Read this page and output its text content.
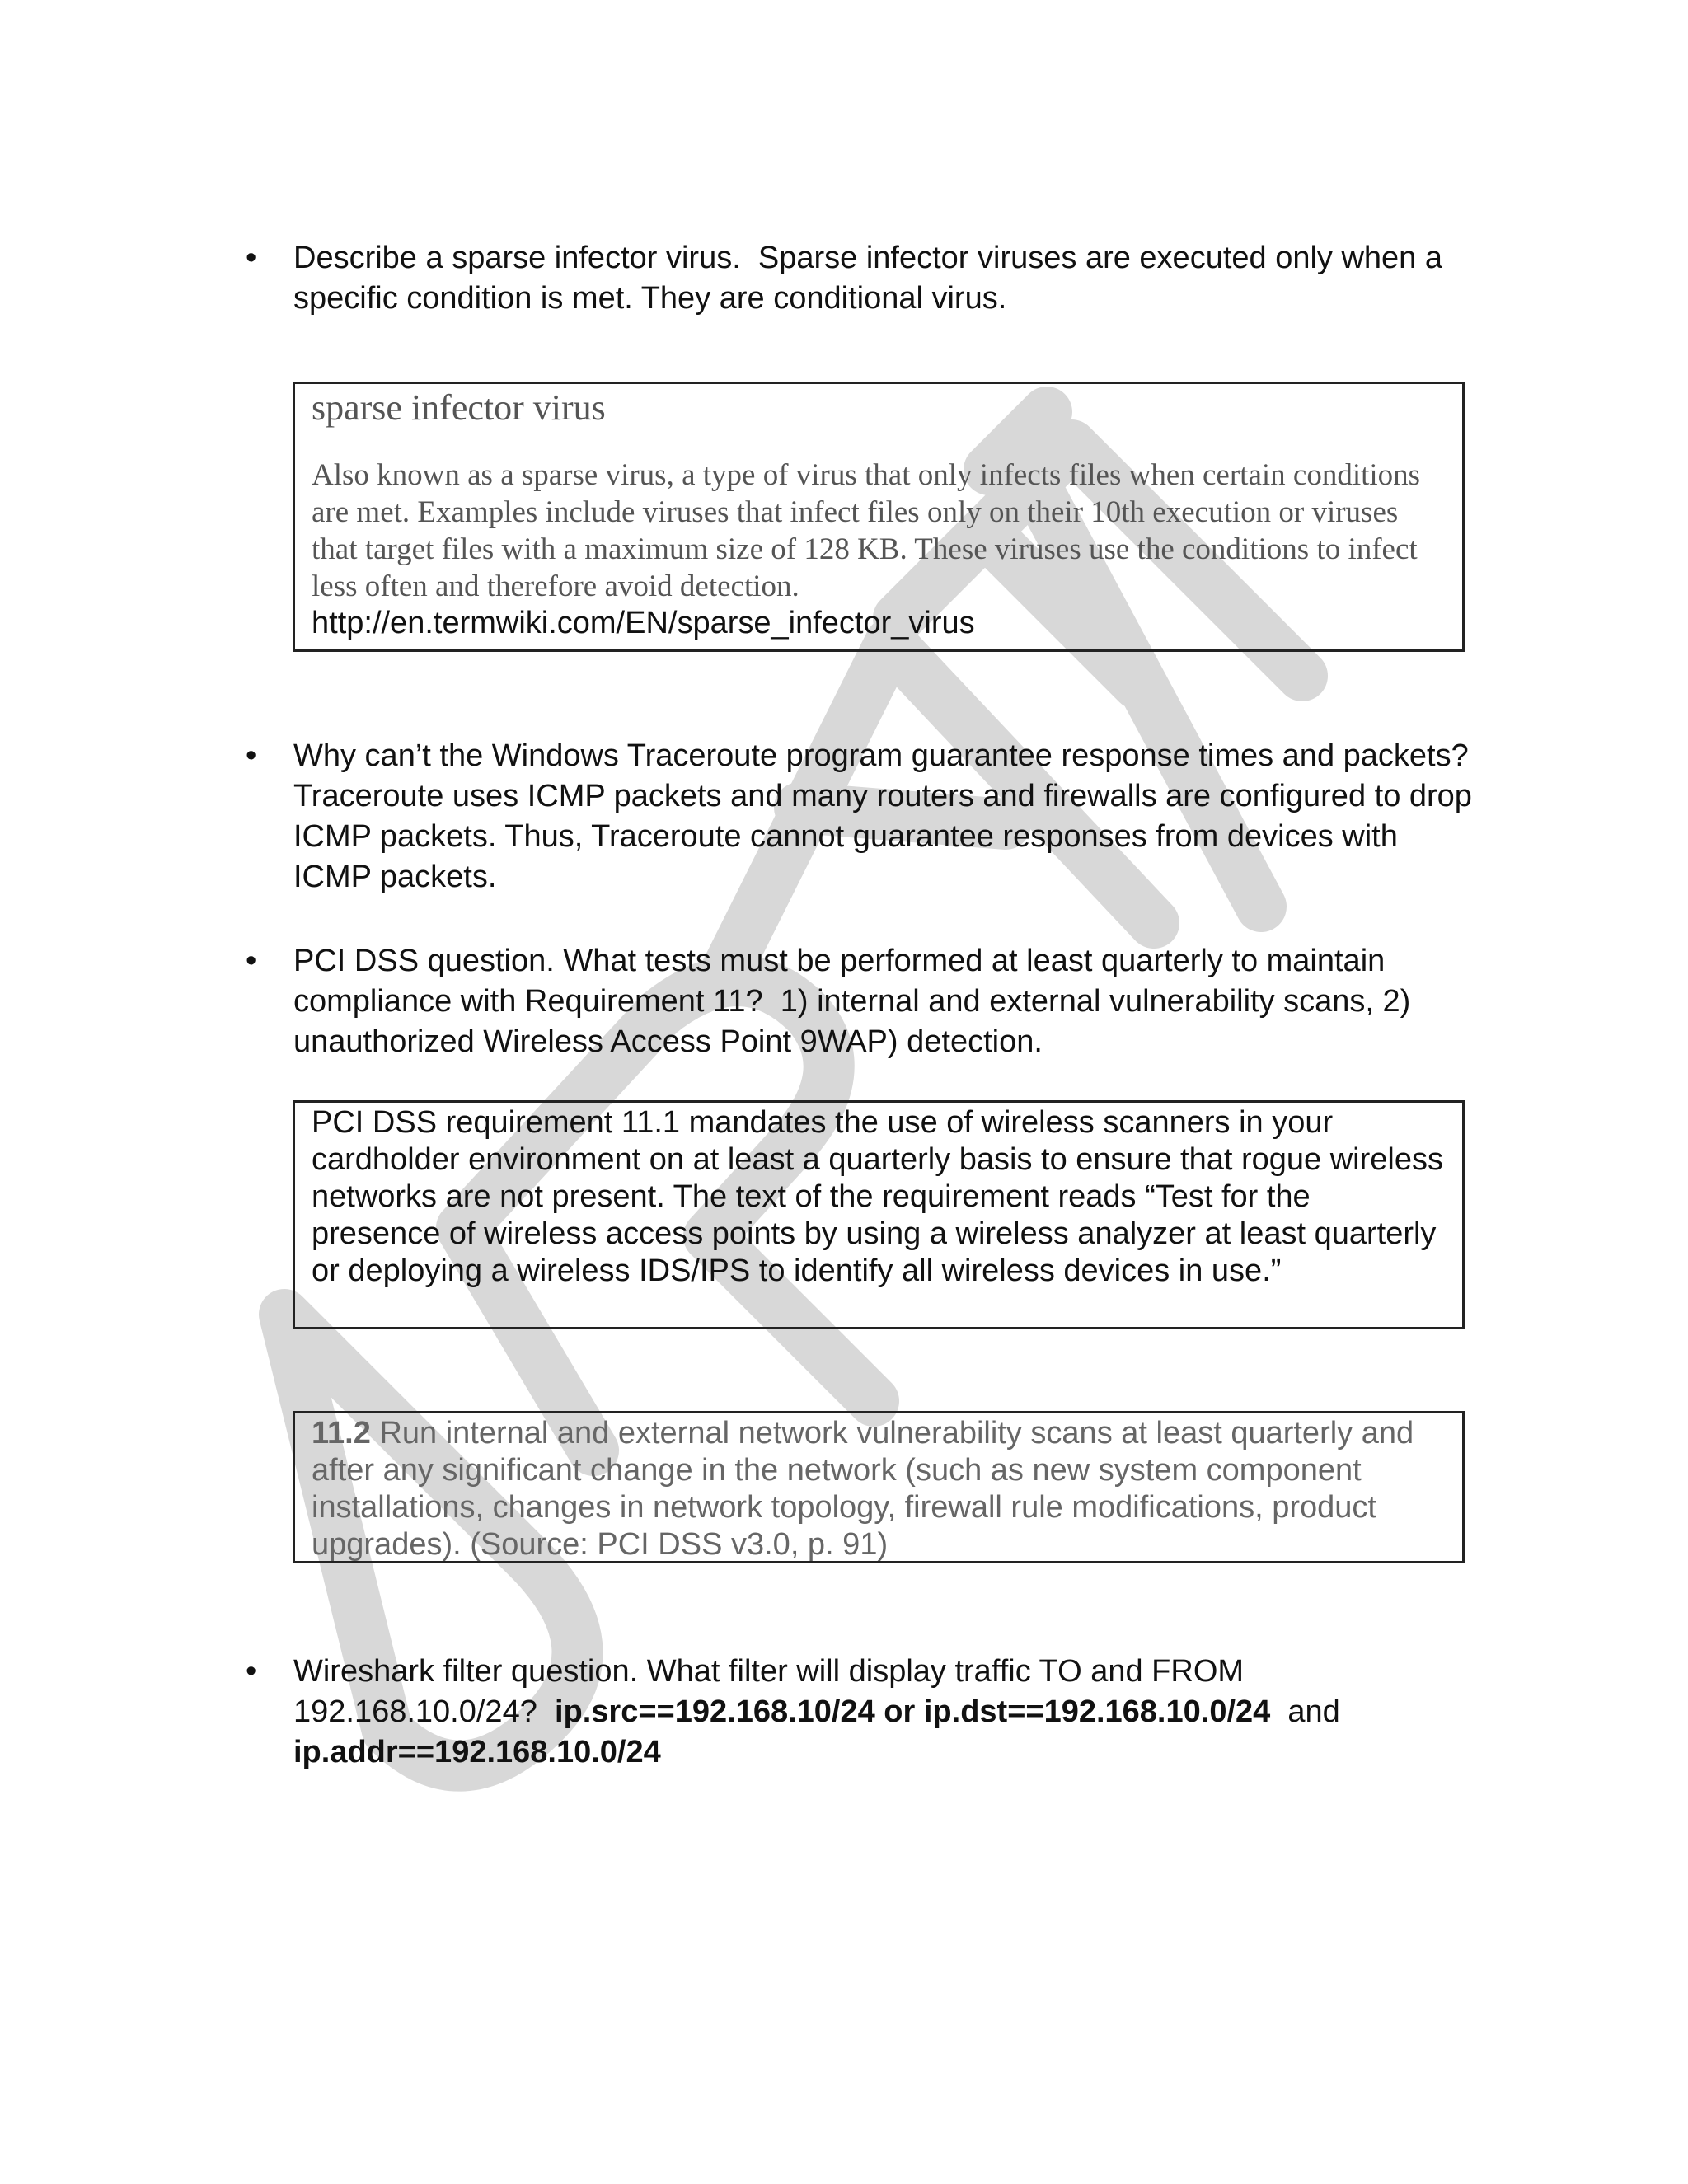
• Describe a sparse infector virus. Sparse infector viruses are executed only when a specific condition is met. They are conditional virus.

sparse infector virus

Also known as a sparse virus, a type of virus that only infects files when certain conditions are met. Examples include viruses that infect files only on their 10th execution or viruses that target files with a maximum size of 128 KB. These viruses use the conditions to infect less often and therefore avoid detection.

http://en.termwiki.com/EN/sparse_infector_virus

• Why can’t the Windows Traceroute program guarantee response times and packets?  Traceroute uses ICMP packets and many routers and firewalls are configured to drop ICMP packets. Thus, Traceroute cannot guarantee responses from devices with ICMP packets.

• PCI DSS question. What tests must be performed at least quarterly to maintain compliance with Requirement 11? 1) internal and external vulnerability scans, 2) unauthorized Wireless Access Point 9WAP) detection.

PCI DSS requirement 11.1 mandates the use of wireless scanners in your cardholder environment on at least a quarterly basis to ensure that rogue wireless networks are not present. The text of the requirement reads “Test for the presence of wireless access points by using a wireless analyzer at least quarterly or deploying a wireless IDS/IPS to identify all wireless devices in use.”

11.2 Run internal and external network vulnerability scans at least quarterly and after any significant change in the network (such as new system component installations, changes in network topology, firewall rule modifications, product upgrades). (Source: PCI DSS v3.0, p. 91)

• Wireshark filter question. What filter will display traffic TO and FROM 192.168.10.0/24? ip.src==192.168.10/24 or ip.dst==192.168.10.0/24 and ip.addr==192.168.10.0/24
